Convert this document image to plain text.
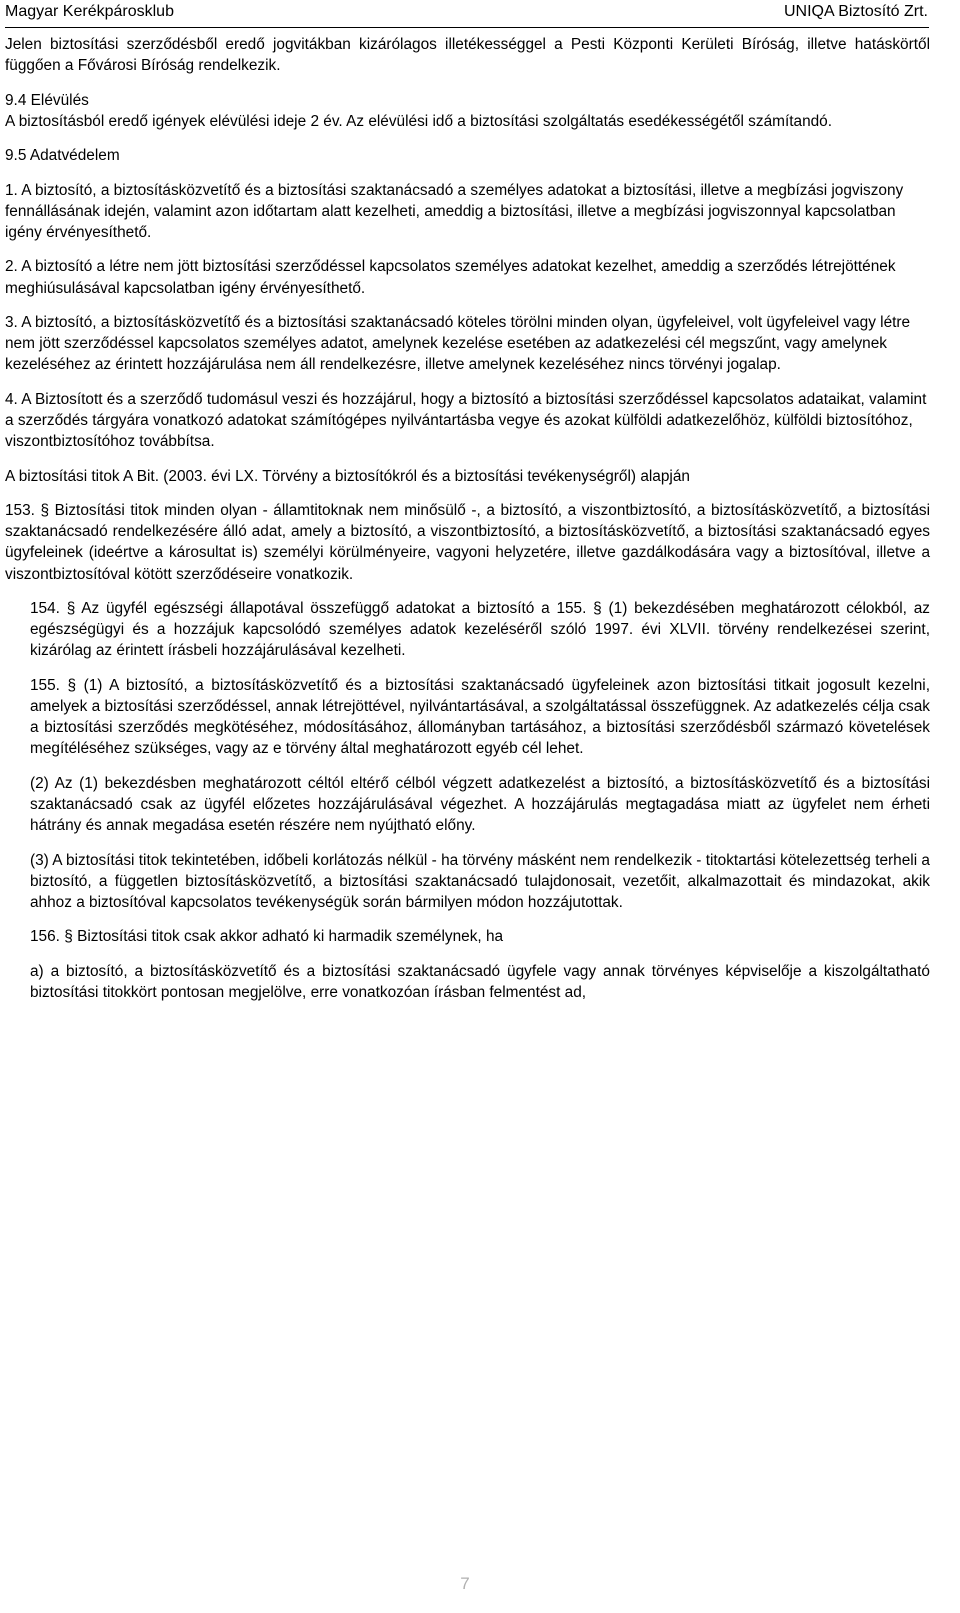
Magyar Kerékpárosklub	UNIQA Biztosító Zrt.

Jelen biztosítási szerződésből eredő jogvitákban kizárólagos illetékességgel a Pesti Központi Kerületi Bíróság, illetve hatáskörtől függően a Fővárosi Bíróság rendelkezik.

9.4 Elévülés
A biztosításból eredő igények elévülési ideje 2 év. Az elévülési idő a biztosítási szolgáltatás esedékességétől számítandó.

9.5 Adatvédelem

1. A biztosító, a biztosításközvetítő és a biztosítási szaktanácsadó a személyes adatokat a biztosítási, illetve a megbízási jogviszony fennállásának idején, valamint azon időtartam alatt kezelheti, ameddig a biztosítási, illetve a megbízási jogviszonnyal kapcsolatban
igény érvényesíthető.

2. A biztosító a létre nem jött biztosítási szerződéssel kapcsolatos személyes adatokat kezelhet, ameddig a szerződés létrejöttének meghiúsulásával kapcsolatban igény érvényesíthető.

3. A biztosító, a biztosításközvetítő és a biztosítási szaktanácsadó köteles törölni minden olyan, ügyfeleivel, volt ügyfeleivel vagy létre nem jött szerződéssel kapcsolatos személyes adatot, amelynek kezelése esetében az adatkezelési cél megszűnt, vagy amelynek kezeléséhez az érintett hozzájárulása nem áll rendelkezésre, illetve amelynek kezeléséhez nincs törvényi jogalap.

4. A Biztosított és a szerződő tudomásul veszi és hozzájárul, hogy a biztosító a biztosítási szerződéssel kapcsolatos adataikat, valamint a szerződés tárgyára vonatkozó adatokat számítógépes nyilvántartásba vegye és azokat külföldi adatkezelőhöz, külföldi biztosítóhoz, viszontbiztosítóhoz továbbítsa.

A biztosítási titok A Bit. (2003. évi LX. Törvény a biztosítókról és a biztosítási tevékenységről) alapján

153. § Biztosítási titok minden olyan - államtitoknak nem minősülő -, a biztosító, a viszontbiztosító, a biztosításközvetítő, a biztosítási szaktanácsadó rendelkezésére álló adat, amely a biztosító, a viszontbiztosító, a biztosításközvetítő, a biztosítási szaktanácsadó egyes ügyfeleinek (ideértve a károsultat is) személyi körülményeire, vagyoni helyzetére, illetve gazdálkodására vagy a biztosítóval, illetve a viszontbiztosítóval kötött szerződéseire vonatkozik.

154. § Az ügyfél egészségi állapotával összefüggő adatokat a biztosító a 155. § (1) bekezdésében meghatározott célokból, az egészségügyi és a hozzájuk kapcsolódó személyes adatok kezeléséről szóló 1997. évi XLVII. törvény rendelkezései szerint, kizárólag az érintett írásbeli hozzájárulásával kezelheti.

155. § (1) A biztosító, a biztosításközvetítő és a biztosítási szaktanácsadó ügyfeleinek azon biztosítási titkait jogosult kezelni, amelyek a biztosítási szerződéssel, annak létrejöttével, nyilvántartásával, a szolgáltatással összefüggnek. Az adatkezelés célja csak a biztosítási szerződés megkötéséhez, módosításához, állományban tartásához, a biztosítási szerződésből származó követelések megítéléséhez szükséges, vagy az e törvény által meghatározott egyéb cél lehet.

(2) Az (1) bekezdésben meghatározott céltól eltérő célból végzett adatkezelést a biztosító, a biztosításközvetítő és a biztosítási szaktanácsadó csak az ügyfél előzetes hozzájárulásával végezhet. A hozzájárulás megtagadása miatt az ügyfelet nem érheti hátrány és annak megadása esetén részére nem nyújtható előny.

(3) A biztosítási titok tekintetében, időbeli korlátozás nélkül - ha törvény másként nem rendelkezik - titoktartási kötelezettség terheli a biztosító, a független biztosításközvetítő, a biztosítási szaktanácsadó tulajdonosait, vezetőit, alkalmazottait és mindazokat, akik ahhoz a biztosítóval kapcsolatos tevékenységük során bármilyen módon hozzájutottak.

156. § Biztosítási titok csak akkor adható ki harmadik személynek, ha

a) a biztosító, a biztosításközvetítő és a biztosítási szaktanácsadó ügyfele vagy annak törvényes képviselője a kiszolgáltatható biztosítási titokkört pontosan megjelölve, erre vonatkozóan írásban felmentést ad,

7
